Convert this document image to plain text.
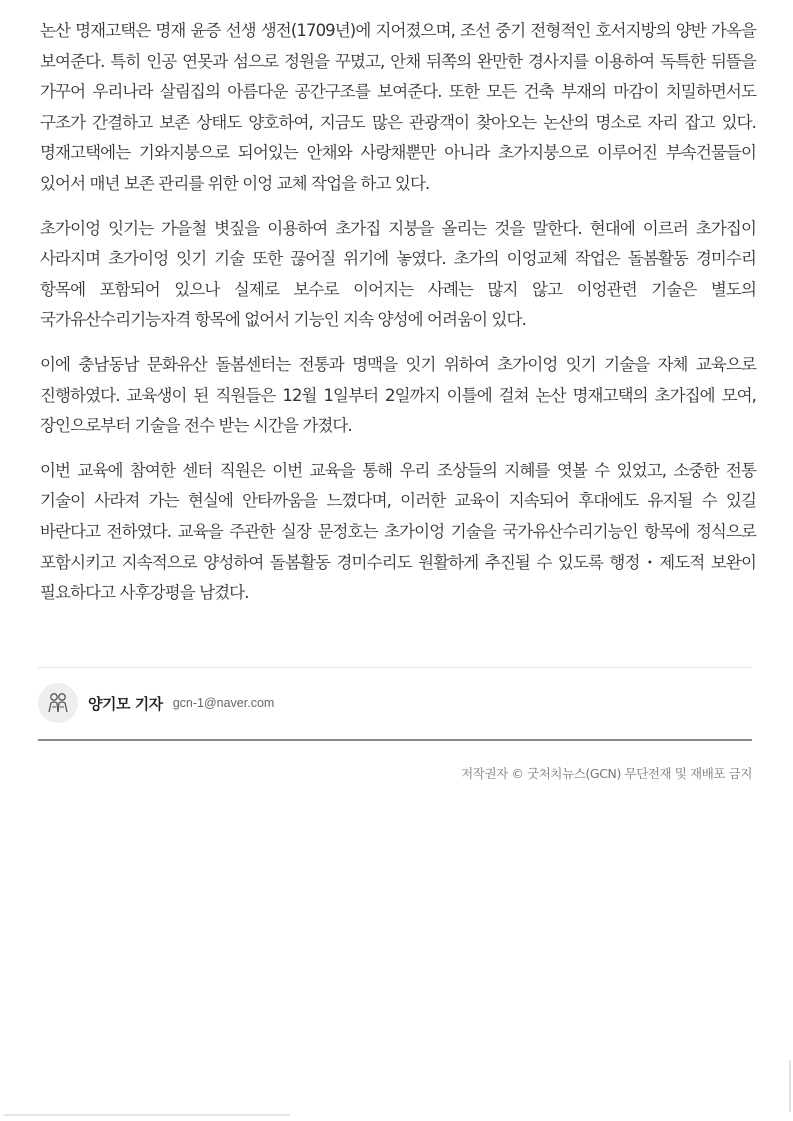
논산 명재고택은 명재 윤증 선생 생전(1709년)에 지어졌으며, 조선 중기 전형적인 호서지방의 양반 가옥을 보여준다. 특히 인공 연못과 섬으로 정원을 꾸몄고, 안채 뒤쪽의 완만한 경사지를 이용하여 독특한 뒤뜰을 가꾸어 우리나라 살림집의 아름다운 공간구조를 보여준다. 또한 모든 건축 부재의 마감이 치밀하면서도 구조가 간결하고 보존 상태도 양호하여, 지금도 많은 관광객이 찾아오는 논산의 명소로 자리 잡고 있다. 명재고택에는 기와지붕으로 되어있는 안채와 사랑채뿐만 아니라 초가지붕으로 이루어진 부속건물들이 있어서 매년 보존 관리를 위한 이엉 교체 작업을 하고 있다.

초가이엉 잇기는 가을철 볏짚을 이용하여 초가집 지붕을 올리는 것을 말한다. 현대에 이르러 초가집이 사라지며 초가이엉 잇기 기술 또한 끊어질 위기에 놓였다. 초가의 이엉교체 작업은 돌봄활동 경미수리 항목에 포함되어 있으나 실제로 보수로 이어지는 사례는 많지 않고 이엉관련 기술은 별도의 국가유산수리기능자격 항목에 없어서 기능인 지속 양성에 어려움이 있다.

이에 충남동남 문화유산 돌봄센터는 전통과 명맥을 잇기 위하여 초가이엉 잇기 기술을 자체 교육으로 진행하였다. 교육생이 된 직원들은 12월 1일부터 2일까지 이틀에 걸쳐 논산 명재고택의 초가집에 모여, 장인으로부터 기술을 전수 받는 시간을 가졌다.

이번 교육에 참여한 센터 직원은 이번 교육을 통해 우리 조상들의 지혜를 엿볼 수 있었고, 소중한 전통 기술이 사라져 가는 현실에 안타까움을 느꼈다며, 이러한 교육이 지속되어 후대에도 유지될 수 있길 바란다고 전하였다. 교육을 주관한 실장 문정호는 초가이엉 기술을 국가유산수리기능인 항목에 정식으로 포함시키고 지속적으로 양성하여 돌봄활동 경미수리도 원활하게 추진될 수 있도록 행정・제도적 보완이 필요하다고 사후강평을 남겼다.

양기모 기자 gcn-1@naver.com
저작권자 © 굿처치뉴스(GCN) 무단전재 및 재배포 금지
